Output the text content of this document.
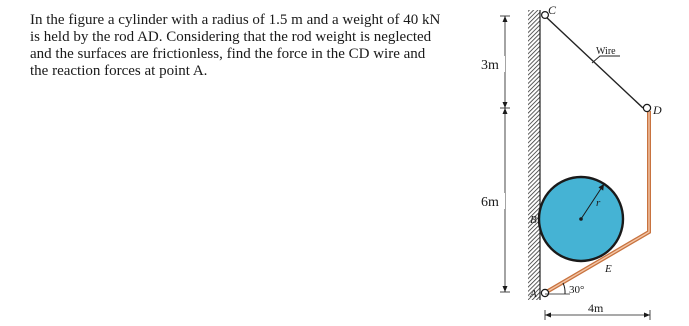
In the figure a cylinder with a radius of 1.5 m and a weight of 40 kN
is held by the rod AD. Considering that the rod weight is neglected
and the surfaces are frictionless, find the force in the CD wire and
the reaction forces at point A.
Wire
r
C
D
B
E
A	30°
3m
6m
4m
